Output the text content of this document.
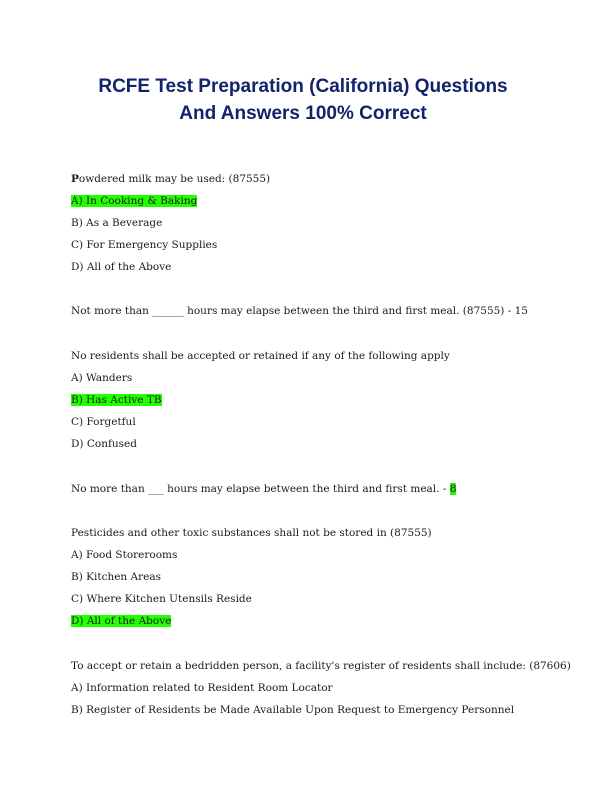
RCFE Test Preparation (California) Questions
And Answers 100% Correct
Powdered milk may be used: (87555)
A) In Cooking & Baking
B) As a Beverage
C) For Emergency Supplies
D) All of the Above
Not more than ______ hours may elapse between the third and first meal. (87555) - 15
No residents shall be accepted or retained if any of the following apply
A) Wanders
B) Has Active TB
C) Forgetful
D) Confused
No more than ___ hours may elapse between the third and first meal. - 8
Pesticides and other toxic substances shall not be stored in (87555)
A) Food Storerooms
B) Kitchen Areas
C) Where Kitchen Utensils Reside
D) All of the Above
To accept or retain a bedridden person, a facility's register of residents shall include: (87606)
A) Information related to Resident Room Locator
B) Register of Residents be Made Available Upon Request to Emergency Personnel
